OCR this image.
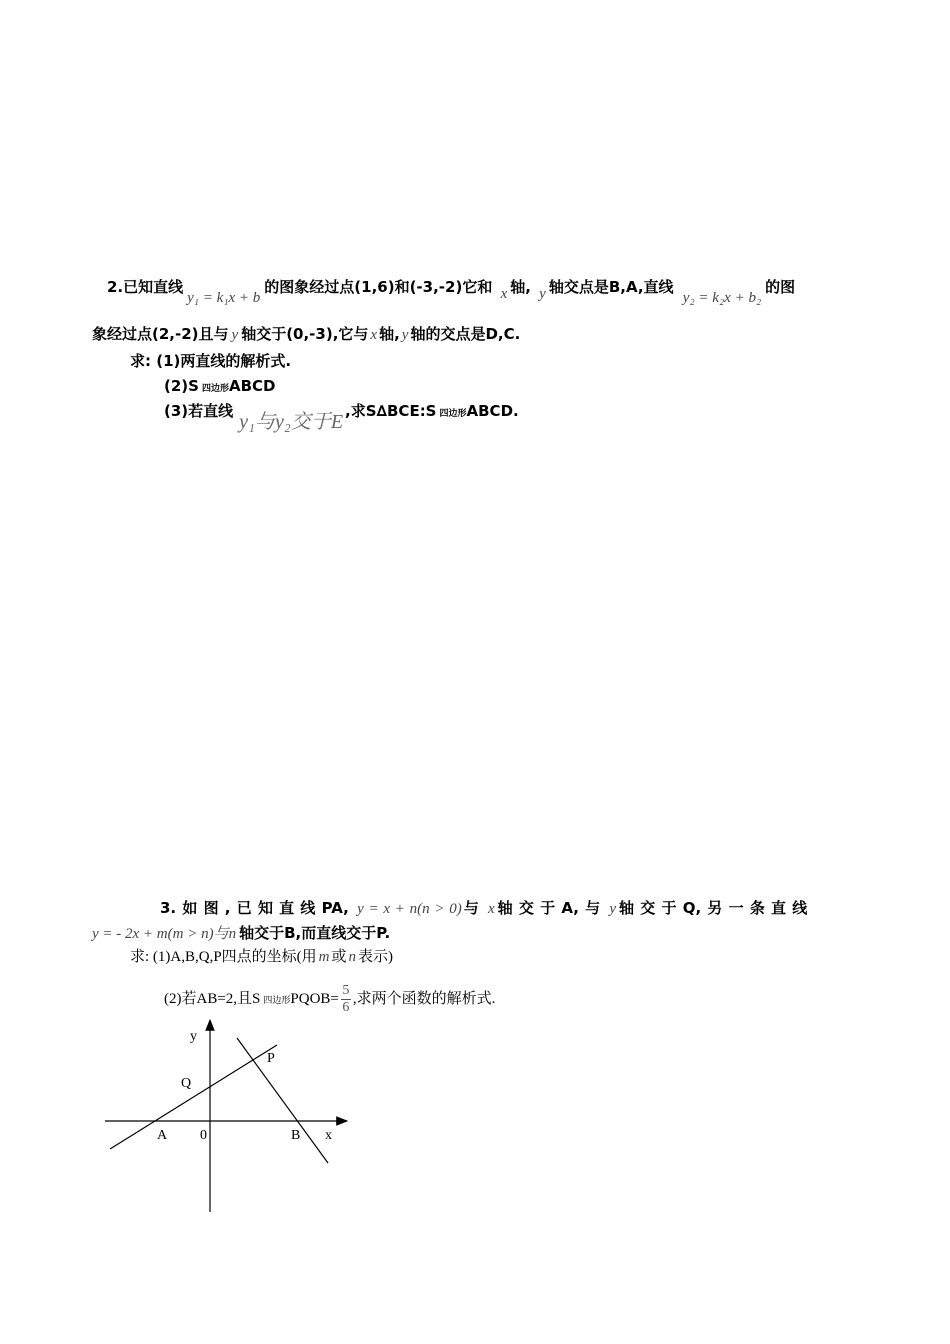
2.已知直线y₁ = k₁x + b的图象经过点(1,6)和(-3,-2)它和 x 轴, y 轴交点是B,A,直线 y₂ = k₂x + b₂的图
象经过点(2,-2)且与 y 轴交于(0,-3),它与 x 轴, y 轴的交点是D,C.
求: (1)两直线的解析式.
(2)S 四边形ABCD
(3)若直线 y₁与y₂交于E ,求S∆BCE:S 四边形ABCD.
3. 如 图 , 已 知 直 线 PA, y = x + n(n > 0) 与 x 轴 交 于 A, 与 y 轴 交 于 Q, 另 一 条 直 线
y = - 2x + m(m > n)与n 轴交于B,而直线交于P.
求: (1)A,B,Q,P四点的坐标(用 m 或 n 表示)
(2)若AB=2,且S 四边形PQOB= $\frac{5}{6}$ ,求两个函数的解析式.
y
x
P
Q
A 0	B
